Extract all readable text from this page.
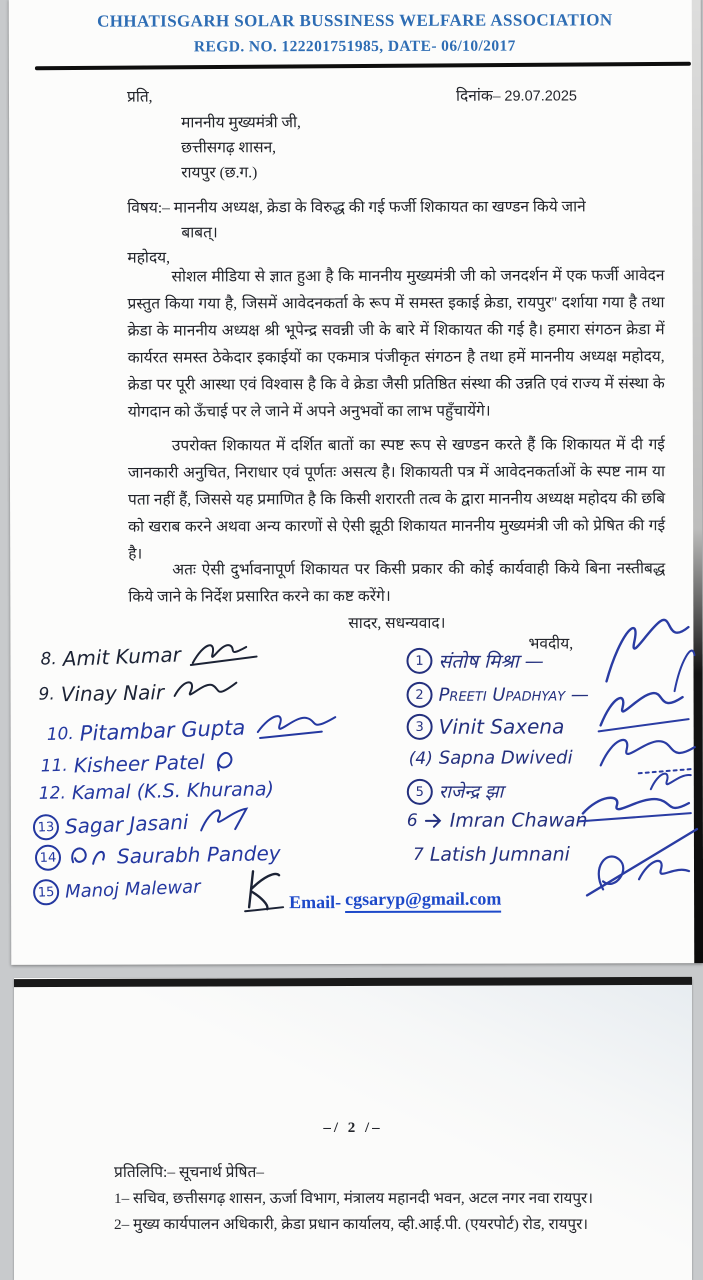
CHHATISGARH SOLAR BUSSINESS WELFARE ASSOCIATION
REGD. NO. 122201751985, DATE- 06/10/2017
प्रति,	दिनांक– 29.07.2025
माननीय मुख्यमंत्री जी,
छत्तीसगढ़ शासन,
रायपुर (छ.ग.)
विषय:– माननीय अध्यक्ष, क्रेडा के विरुद्ध की गई फर्जी शिकायत का खण्डन किये जाने
बाबत्‌।
महोदय,
सोशल मीडिया से ज्ञात हुआ है कि माननीय मुख्यमंत्री जी को जनदर्शन में एक फर्जी आवेदन प्रस्तुत किया गया है, जिसमें आवेदनकर्ता के रूप में समस्त इकाई क्रेडा, रायपुर'' दर्शाया गया है तथा क्रेडा के माननीय अध्यक्ष श्री भूपेन्द्र सवन्नी जी के बारे में शिकायत की गई है। हमारा संगठन क्रेडा में कार्यरत समस्त ठेकेदार इकाईयों का एकमात्र पंजीकृत संगठन है तथा हमें माननीय अध्यक्ष महोदय, क्रेडा पर पूरी आस्था एवं विश्वास है कि वे क्रेडा जैसी प्रतिष्ठित संस्था की उन्नति एवं राज्य में संस्था के योगदान को ऊँचाई पर ले जाने में अपने अनुभवों का लाभ पहुँचायेंगे।
उपरोक्त शिकायत में दर्शित बातों का स्पष्ट रूप से खण्डन करते हैं कि शिकायत में दी गई जानकारी अनुचित, निराधार एवं पूर्णतः असत्य है। शिकायती पत्र में आवेदनकर्ताओं के स्पष्ट नाम या पता नहीं हैं, जिससे यह प्रमाणित है कि किसी शरारती तत्व के द्वारा माननीय अध्यक्ष महोदय की छबि को खराब करने अथवा अन्य कारणों से ऐसी झूठी शिकायत माननीय मुख्यमंत्री जी को प्रेषित की गई है।
अतः ऐसी दुर्भावनापूर्ण शिकायत पर किसी प्रकार की कोई कार्यवाही किये बिना नस्तीबद्ध किये जाने के निर्देश प्रसारित करने का कष्ट करेंगे।
सादर, सधन्यवाद।
भवदीय,
8. Amit Kumar
9. Vinay Nair
10. Pitambar Gupta
11. Kisheer Patel
12. Kamal (K.S. Khurana)
13 Sagar Jasani
14	Saurabh Pandey
15 Manoj Malewar
1 संतोष मिश्रा —
2 Preeti Upadhyay —
3 Vinit Saxena
(4) Sapna Dwivedi
5 राजेन्द्र झा
6 Imran Chawan
7 Latish Jumnani
Email- cgsaryp@gmail.com
–/ 2 /–
प्रतिलिपि:– सूचनार्थ प्रेषित–
1– सचिव, छत्तीसगढ़ शासन, ऊर्जा विभाग, मंत्रालय महानदी भवन, अटल नगर नवा रायपुर।
2– मुख्य कार्यपालन अधिकारी, क्रेडा प्रधान कार्यालय, व्ही.आई.पी. (एयरपोर्ट) रोड, रायपुर।
